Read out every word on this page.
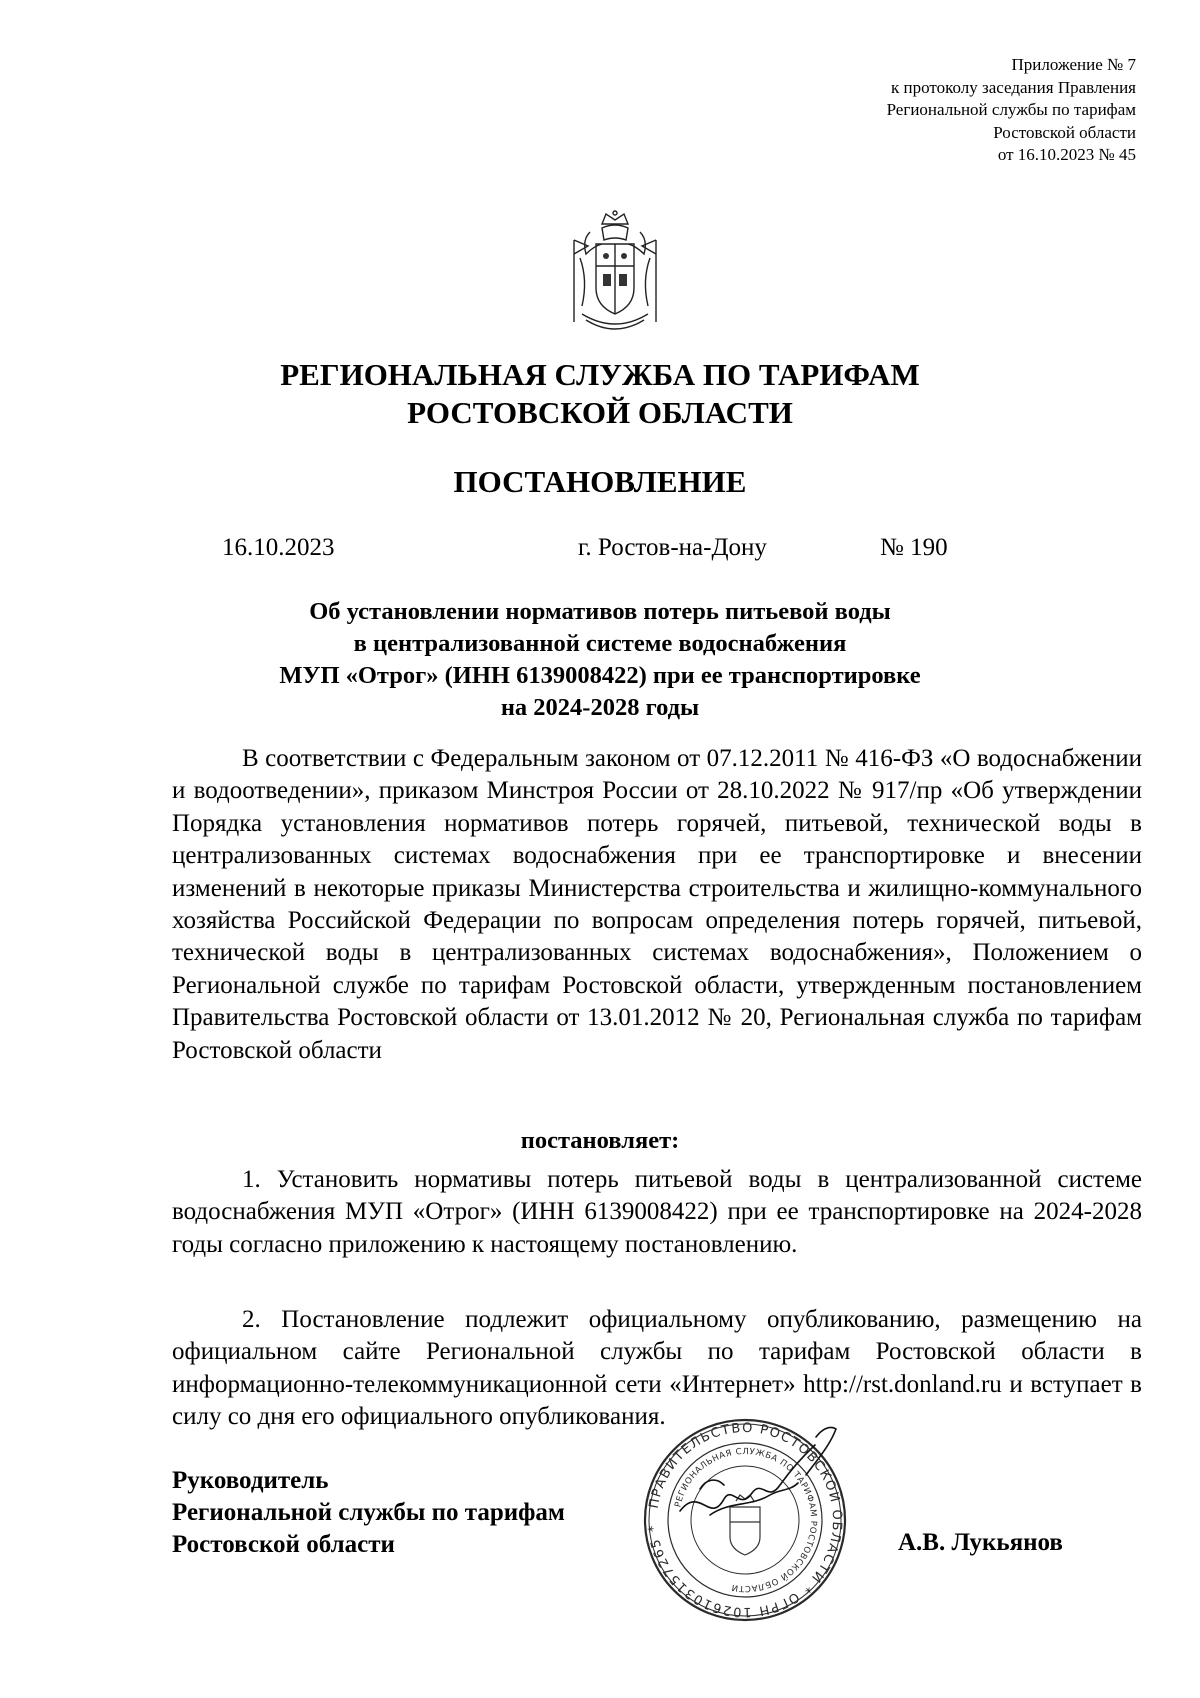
Приложение № 7
к протоколу заседания Правления
Региональной службы по тарифам
Ростовской области
от 16.10.2023 № 45
РЕГИОНАЛЬНАЯ СЛУЖБА ПО ТАРИФАМ
РОСТОВСКОЙ ОБЛАСТИ
ПОСТАНОВЛЕНИЕ
16.10.2023	г. Ростов-на-Дону	№ 190
Об установлении нормативов потерь питьевой воды
в централизованной системе водоснабжения
МУП «Отрог» (ИНН 6139008422) при ее транспортировке
на 2024-2028 годы

В соответствии с Федеральным законом от 07.12.2011 № 416-ФЗ «О водоснабжении и водоотведении», приказом Минстроя России от 28.10.2022 № 917/пр «Об утверждении Порядка установления нормативов потерь горячей, питьевой, технической воды в централизованных системах водоснабжения при ее транспортировке и внесении изменений в некоторые приказы Министерства строительства и жилищно-коммунального хозяйства Российской Федерации по вопросам определения потерь горячей, питьевой, технической воды в централизованных системах водоснабжения», Положением о Региональной службе по тарифам Ростовской области, утвержденным постановлением Правительства Ростовской области от 13.01.2012 № 20, Региональная служба по тарифам Ростовской области

постановляет:

1. Установить нормативы потерь питьевой воды в централизованной системе водоснабжения МУП «Отрог» (ИНН 6139008422) при ее транспортировке на 2024-2028 годы согласно приложению к настоящему постановлению.

2. Постановление подлежит официальному опубликованию, размещению на официальном сайте Региональной службы по тарифам Ростовской области в информационно-телекоммуникационной сети «Интернет» http://rst.donland.ru и вступает в силу со дня его официального опубликования.

Руководитель
Региональной службы по тарифам
Ростовской области
ПРАВИТЕЛЬСТВО РОСТОВСКОЙ ОБЛАСТИ * ОГРН 1026103157265 *
РЕГИОНАЛЬНАЯ СЛУЖБА ПО ТАРИФАМ РОСТОВСКОЙ ОБЛАСТИ
А.В. Лукьянов
